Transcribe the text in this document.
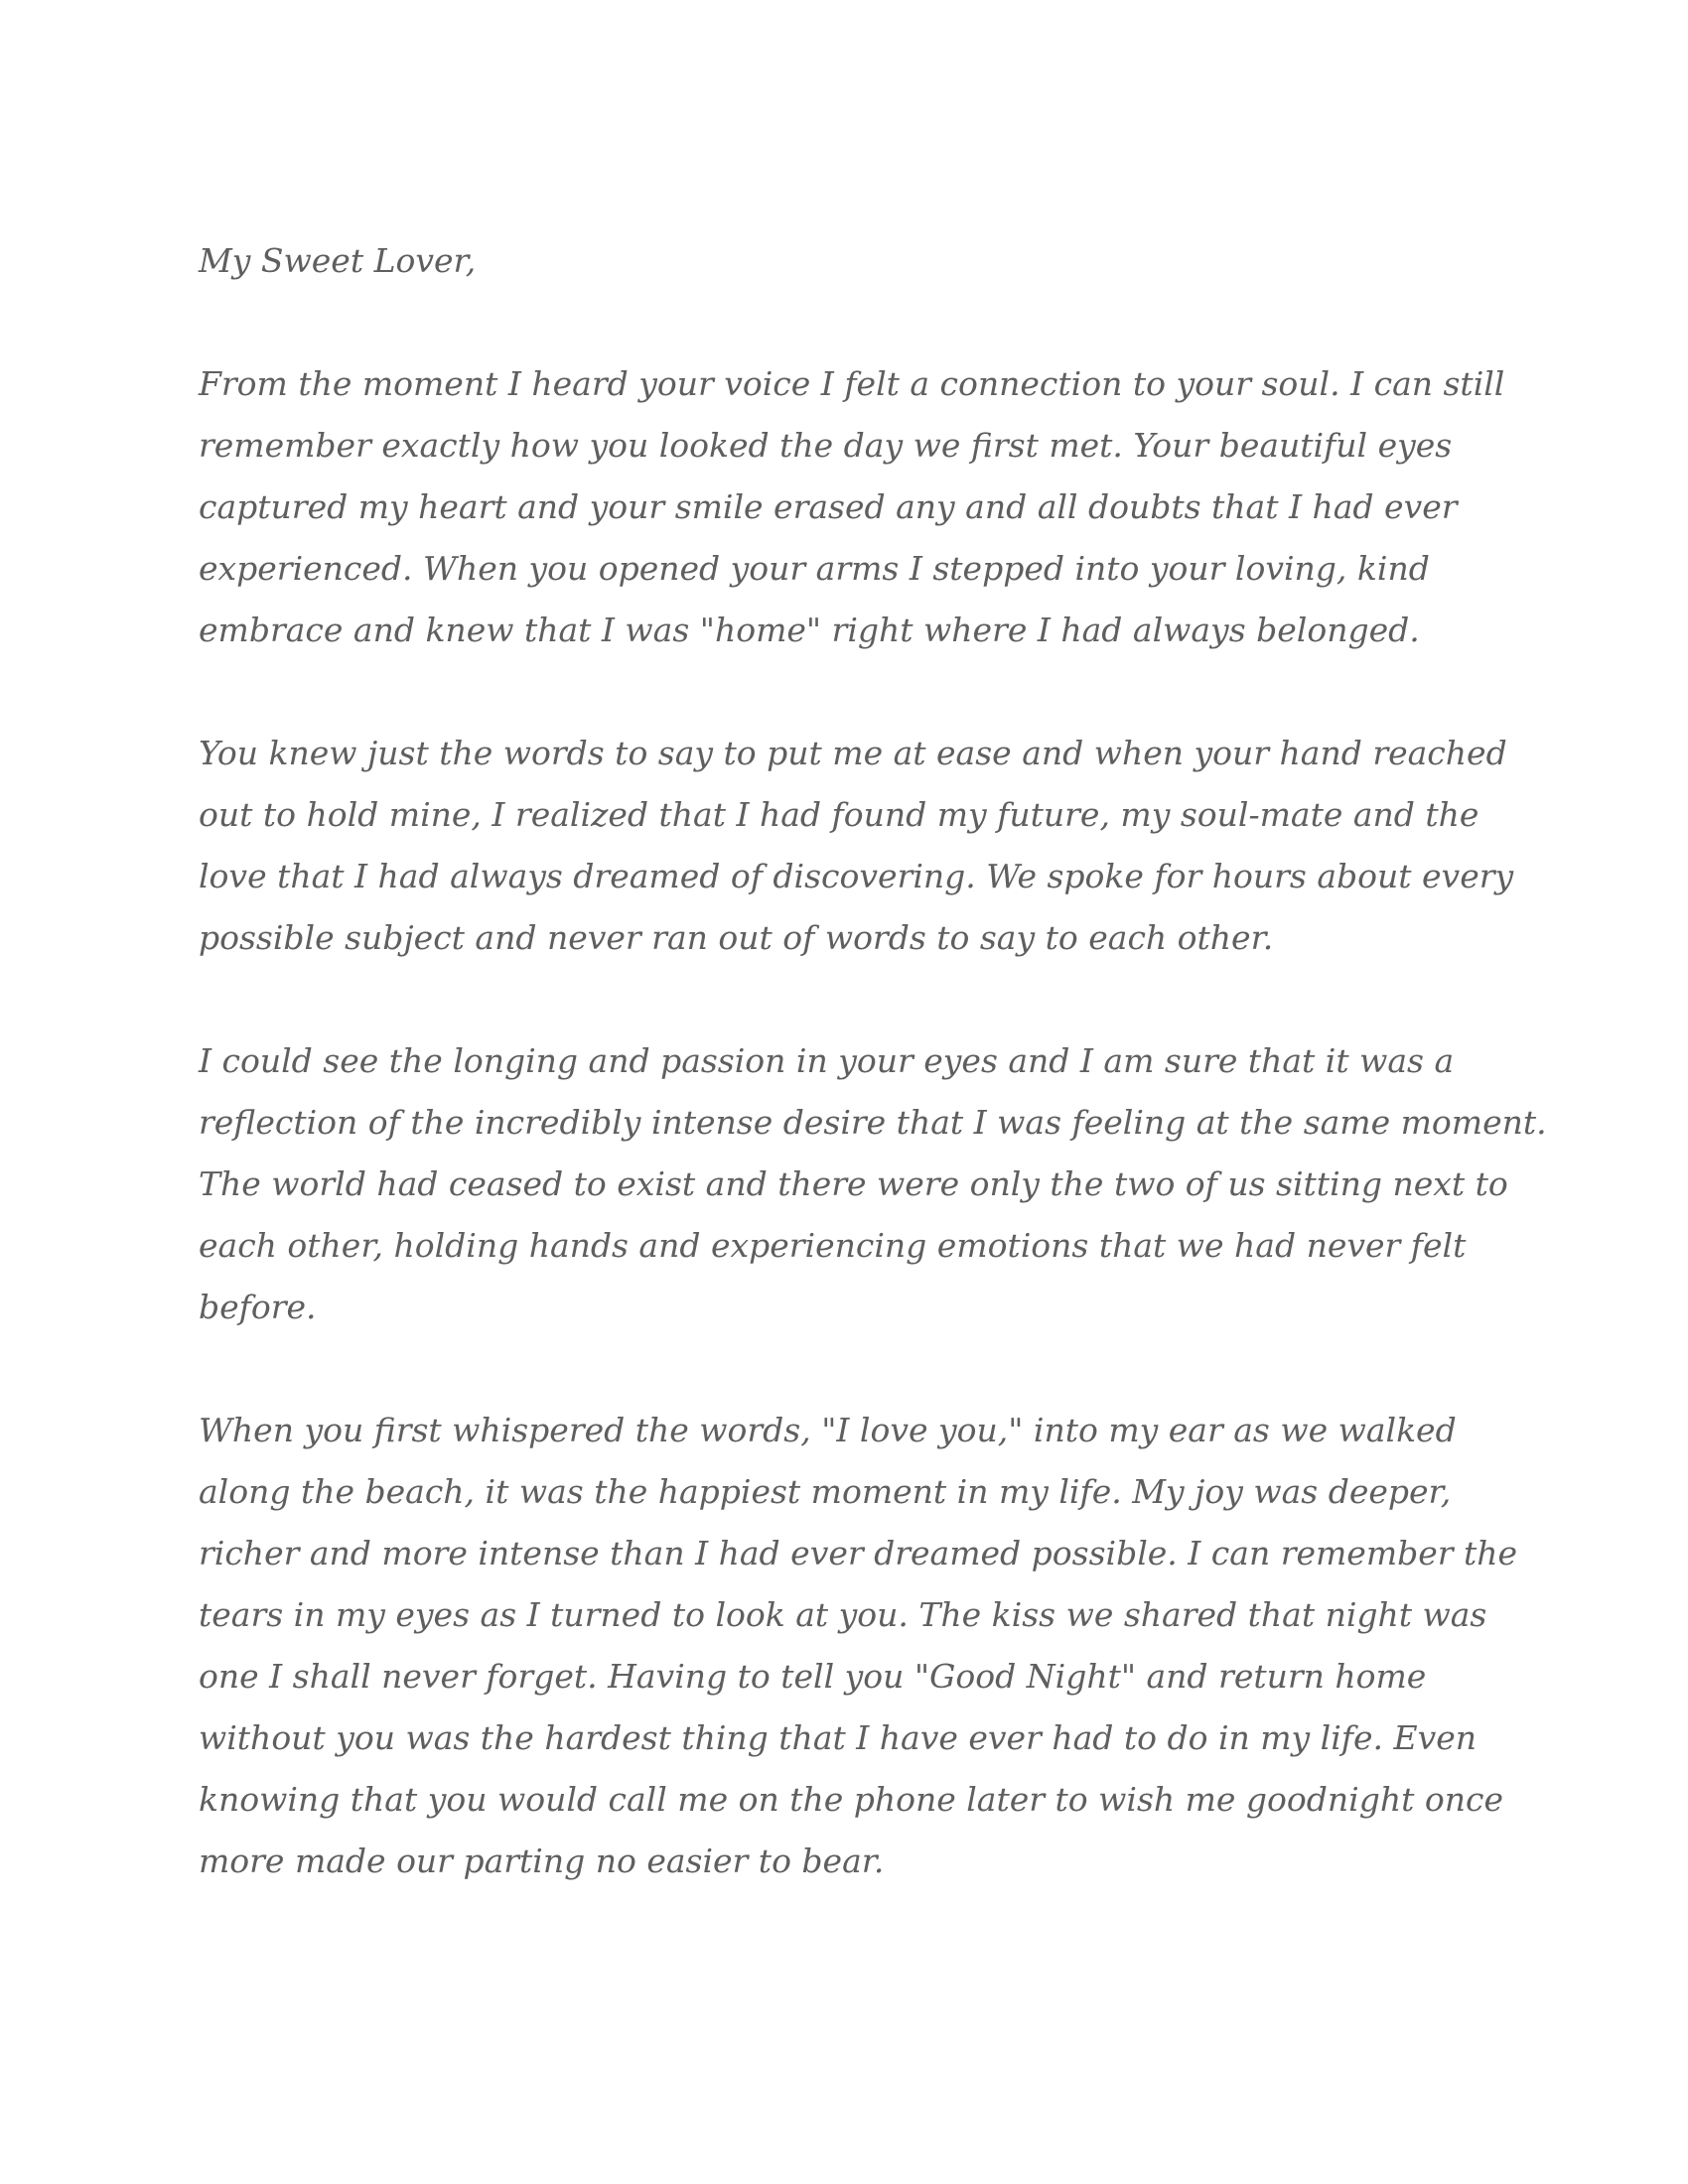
My Sweet Lover,

From the moment I heard your voice I felt a connection to your soul. I can still
remember exactly how you looked the day we first met. Your beautiful eyes
captured my heart and your smile erased any and all doubts that I had ever
experienced. When you opened your arms I stepped into your loving, kind
embrace and knew that I was "home" right where I had always belonged.

You knew just the words to say to put me at ease and when your hand reached
out to hold mine, I realized that I had found my future, my soul-mate and the
love that I had always dreamed of discovering. We spoke for hours about every
possible subject and never ran out of words to say to each other.

I could see the longing and passion in your eyes and I am sure that it was a
reflection of the incredibly intense desire that I was feeling at the same moment.
The world had ceased to exist and there were only the two of us sitting next to
each other, holding hands and experiencing emotions that we had never felt
before.

When you first whispered the words, "I love you," into my ear as we walked
along the beach, it was the happiest moment in my life. My joy was deeper,
richer and more intense than I had ever dreamed possible. I can remember the
tears in my eyes as I turned to look at you. The kiss we shared that night was
one I shall never forget. Having to tell you "Good Night" and return home
without you was the hardest thing that I have ever had to do in my life. Even
knowing that you would call me on the phone later to wish me goodnight once
more made our parting no easier to bear.
